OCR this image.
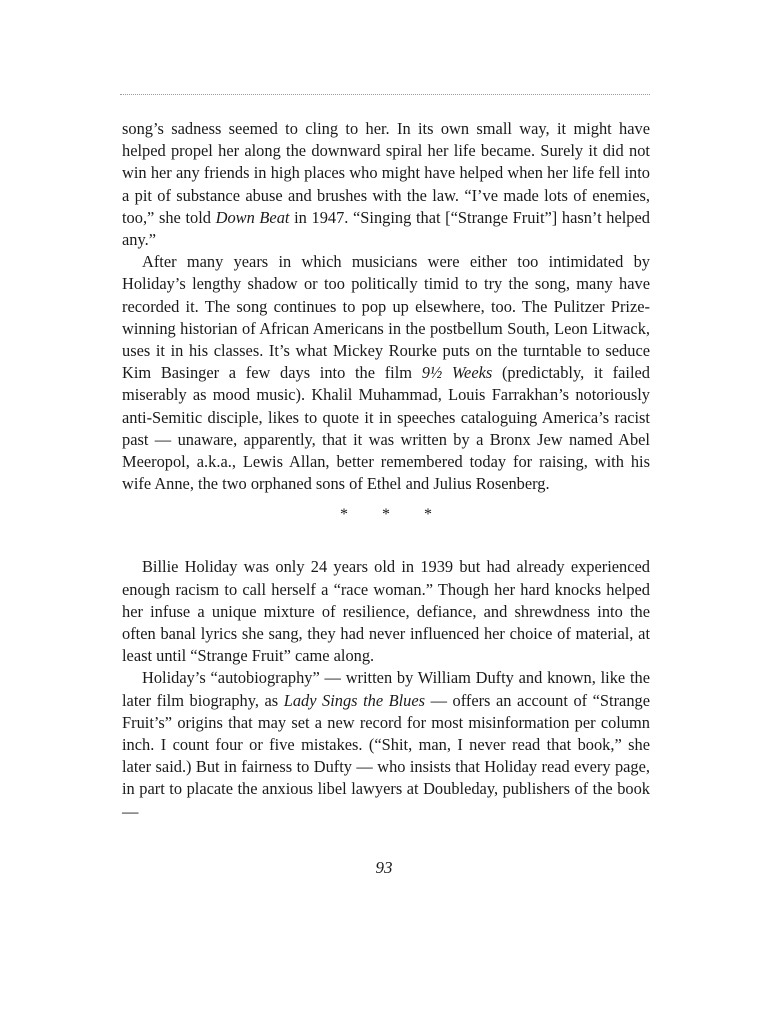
song’s sadness seemed to cling to her. In its own small way, it might have helped propel her along the downward spiral her life became. Surely it did not win her any friends in high places who might have helped when her life fell into a pit of substance abuse and brushes with the law. “I’ve made lots of enemies, too,” she told Down Beat in 1947. “Singing that [“Strange Fruit”] hasn’t helped any.”

After many years in which musicians were either too intimidated by Holiday’s lengthy shadow or too politically timid to try the song, many have recorded it. The song continues to pop up elsewhere, too. The Pulitzer Prize-winning historian of African Americans in the postbellum South, Leon Litwack, uses it in his classes. It’s what Mickey Rourke puts on the turntable to seduce Kim Basinger a few days into the film 9½ Weeks (predictably, it failed miserably as mood music). Khalil Muhammad, Louis Farrakhan’s notoriously anti-Semitic disciple, likes to quote it in speeches cataloguing America’s racist past — unaware, apparently, that it was written by a Bronx Jew named Abel Meeropol, a.k.a., Lewis Allan, better remembered today for raising, with his wife Anne, the two orphaned sons of Ethel and Julius Rosenberg.

* * *

Billie Holiday was only 24 years old in 1939 but had already experienced enough racism to call herself a “race woman.” Though her hard knocks helped her infuse a unique mixture of resilience, defiance, and shrewdness into the often banal lyrics she sang, they had never influenced her choice of material, at least until “Strange Fruit” came along.

Holiday’s “autobiography” — written by William Dufty and known, like the later film biography, as Lady Sings the Blues — offers an account of “Strange Fruit’s” origins that may set a new record for most misinformation per column inch. I count four or five mistakes. (“Shit, man, I never read that book,” she later said.) But in fairness to Dufty — who insists that Holiday read every page, in part to placate the anxious libel lawyers at Doubleday, publishers of the book —

93
